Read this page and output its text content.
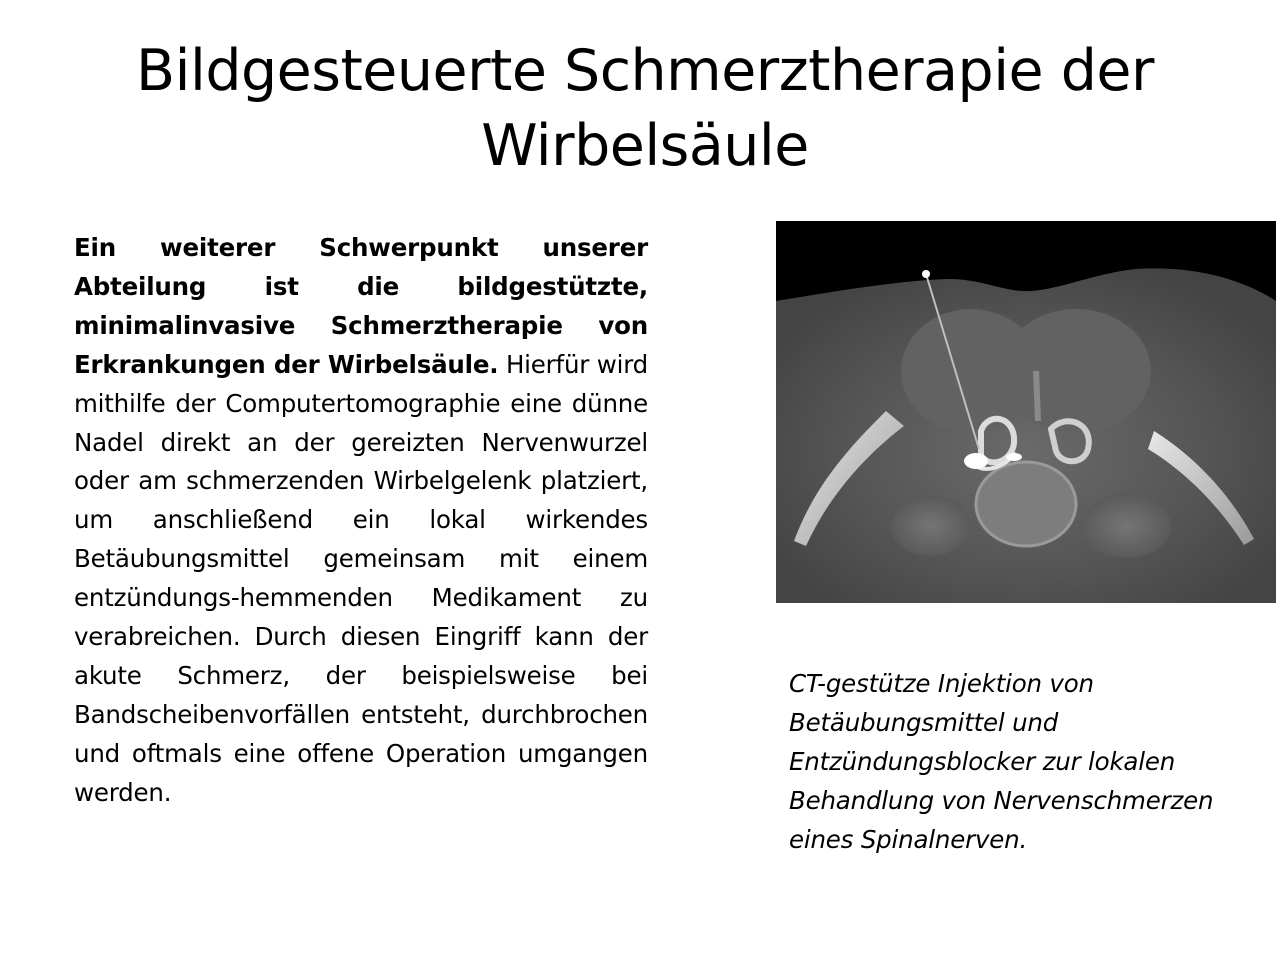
Bildgesteuerte Schmerztherapie der
Wirbelsäule

Ein weiterer Schwerpunkt unserer Abteilung ist die bildgestützte, minimalinvasive Schmerztherapie von Erkrankungen der Wirbelsäule. Hierfür wird mithilfe der Computertomographie eine dünne Nadel direkt an der gereizten Nervenwurzel oder am schmerzenden Wirbelgelenk platziert, um anschließend ein lokal wirkendes Betäubungsmittel gemeinsam mit einem entzündungs-hemmenden Medikament zu verabreichen. Durch diesen Eingriff kann der akute Schmerz, der beispielsweise bei Bandscheibenvorfällen entsteht, durchbrochen und oftmals eine offene Operation umgangen werden.

CT-gestütze Injektion von
Betäubungsmittel und
Entzündungsblocker zur lokalen
Behandlung von Nervenschmerzen
eines Spinalnerven.
